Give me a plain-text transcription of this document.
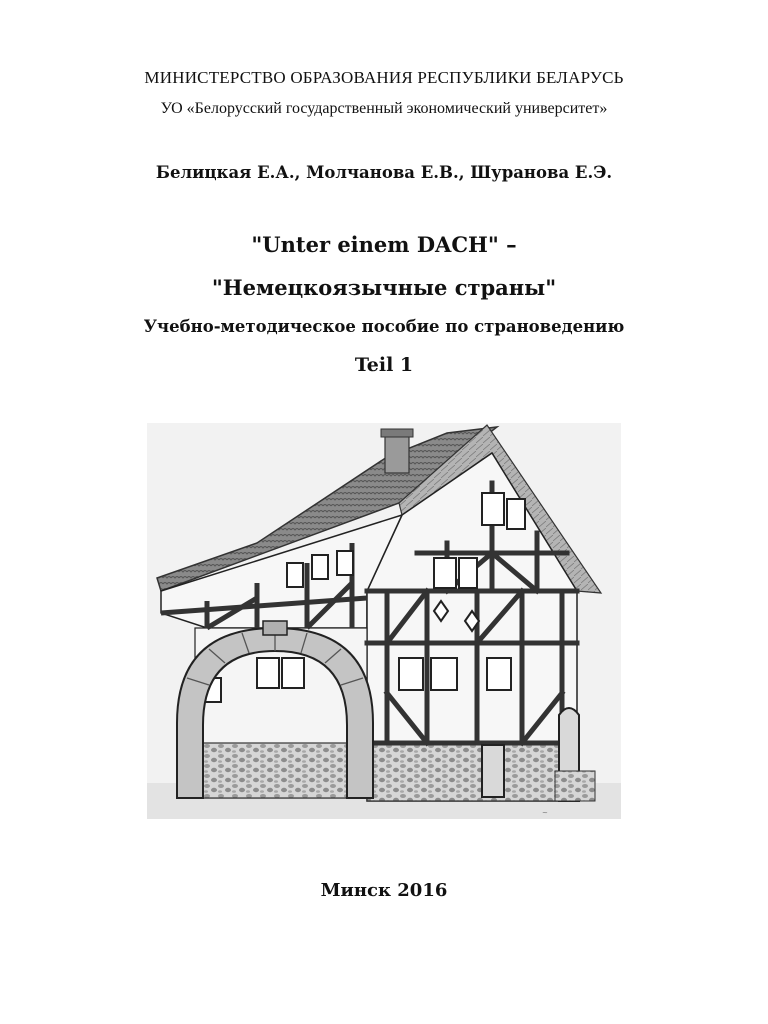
МИНИСТЕРСТВО ОБРАЗОВАНИЯ РЕСПУБЛИКИ БЕЛАРУСЬ
УО «Белорусский государственный экономический университет»
Белицкая Е.А., Молчанова Е.В., Шуранова Е.Э.
"Unter einem DACH" –
"Немецкоязычные страны"
Учебно-методическое пособие по страноведению
Teil 1
~
Минск 2016
